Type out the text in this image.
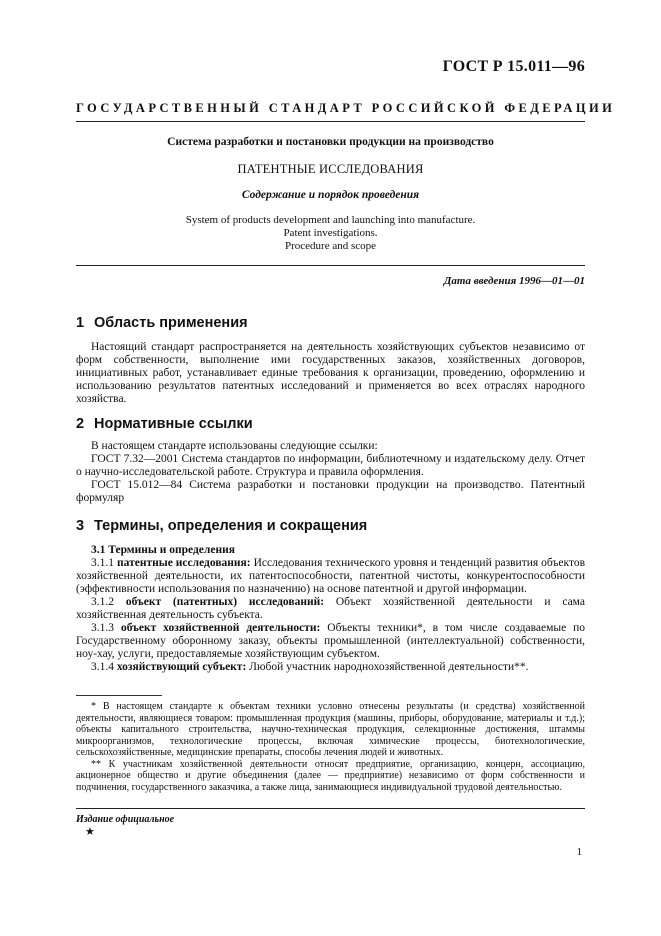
ГОСТ Р 15.011—96
ГОСУДАРСТВЕННЫЙ СТАНДАРТ РОССИЙСКОЙ ФЕДЕРАЦИИ
Система разработки и постановки продукции на производство
ПАТЕНТНЫЕ ИССЛЕДОВАНИЯ
Содержание и порядок проведения
System of products development and launching into manufacture.
Patent investigations.
Procedure and scope
Дата введения 1996—01—01
1 Область применения

Настоящий стандарт распространяется на деятельность хозяйствующих субъектов независимо от форм собственности, выполнение ими государственных заказов, хозяйственных договоров, инициативных работ, устанавливает единые требования к организации, проведению, оформлению и использованию результатов патентных исследований и применяется во всех отраслях народного хозяйства.

2 Нормативные ссылки

В настоящем стандарте использованы следующие ссылки:

ГОСТ 7.32—2001 Система стандартов по информации, библиотечному и издательскому делу. Отчет о научно-исследовательской работе. Структура и правила оформления.

ГОСТ 15.012—84 Система разработки и постановки продукции на производство. Патентный формуляр

3 Термины, определения и сокращения

3.1 Термины и определения

3.1.1 патентные исследования: Исследования технического уровня и тенденций развития объектов хозяйственной деятельности, их патентоспособности, патентной чистоты, конкурентоспособности (эффективности использования по назначению) на основе патентной и другой информации.

3.1.2 объект (патентных) исследований: Объект хозяйственной деятельности и сама хозяйственная деятельность субъекта.

3.1.3 объект хозяйственной деятельности: Объекты техники*, в том числе создаваемые по Государственному оборонному заказу, объекты промышленной (интеллектуальной) собственности, ноу-хау, услуги, предоставляемые хозяйствующим субъектом.

3.1.4 хозяйствующий субъект: Любой участник народнохозяйственной деятельности**.

* В настоящем стандарте к объектам техники условно отнесены результаты (и средства) хозяйственной деятельности, являющиеся товаром: промышленная продукция (машины, приборы, оборудование, материалы и т.д.); объекты капитального строительства, научно-техническая продукция, селекционные достижения, штаммы микроорганизмов, технологические процессы, включая химические процессы, биотехнологические, сельскохозяйственные, медицинские препараты, способы лечения людей и животных.

** К участникам хозяйственной деятельности относят предприятие, организацию, концерн, ассоциацию, акционерное общество и другие объединения (далее — предприятие) независимо от форм собственности и подчинения, государственного заказчика, а также лица, занимающиеся индивидуальной трудовой деятельностью.

Издание официальное
★
1
